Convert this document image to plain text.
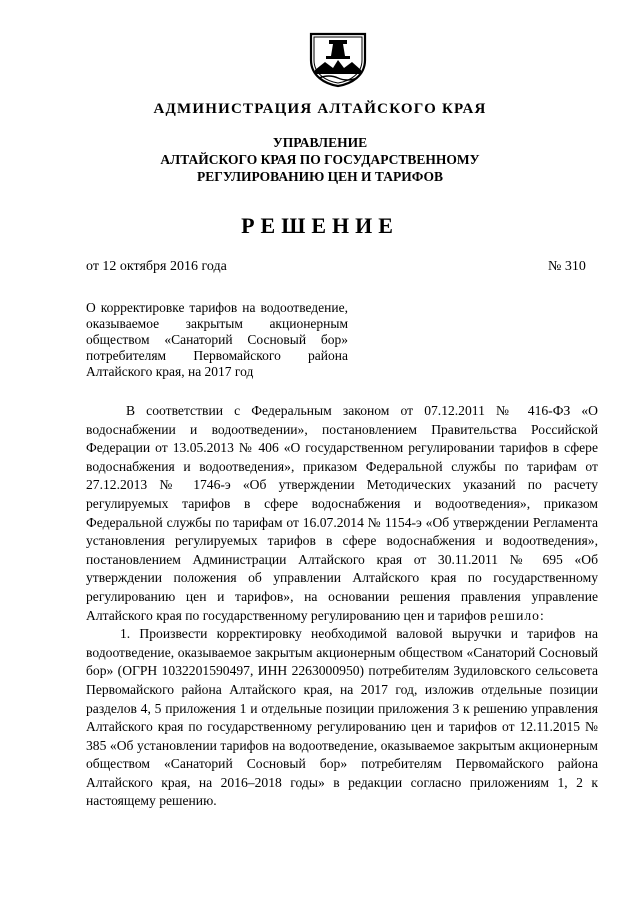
АДМИНИСТРАЦИЯ АЛТАЙСКОГО КРАЯ
УПРАВЛЕНИЕ
АЛТАЙСКОГО КРАЯ ПО ГОСУДАРСТВЕННОМУ
РЕГУЛИРОВАНИЮ ЦЕН И ТАРИФОВ
РЕШЕНИЕ
от 12 октября 2016 года	№ 310
О корректировке тарифов на водоотведение, оказываемое закрытым акционерным обществом «Санаторий Сосновый бор» потребителям Первомайского района Алтайского края, на 2017 год

В соответствии с Федеральным законом от 07.12.2011 № 416-ФЗ «О водоснабжении и водоотведении», постановлением Правительства Российской Федерации от 13.05.2013 № 406 «О государственном регулировании тарифов в сфере водоснабжения и водоотведения», приказом Федеральной службы по тарифам от 27.12.2013 № 1746-э «Об утверждении Методических указаний по расчету регулируемых тарифов в сфере водоснабжения и водоотведения», приказом Федеральной службы по тарифам от 16.07.2014 № 1154-э «Об утверждении Регламента установления регулируемых тарифов в сфере водоснабжения и водоотведения», постановлением Администрации Алтайского края от 30.11.2011 № 695 «Об утверждении положения об управлении Алтайского края по государственному регулированию цен и тарифов», на основании решения правления управление Алтайского края по государственному регулированию цен и тарифов решило:

1. Произвести корректировку необходимой валовой выручки и тарифов на водоотведение, оказываемое закрытым акционерным обществом «Санаторий Сосновый бор» (ОГРН 1032201590497, ИНН 2263000950) потребителям Зудиловского сельсовета Первомайского района Алтайского края, на 2017 год, изложив отдельные позиции разделов 4, 5 приложения 1 и отдельные позиции приложения 3 к решению управления Алтайского края по государственному регулированию цен и тарифов от 12.11.2015 № 385 «Об установлении тарифов на водоотведение, оказываемое закрытым акционерным обществом «Санаторий Сосновый бор» потребителям Первомайского района Алтайского края, на 2016–2018 годы» в редакции согласно приложениям 1, 2 к настоящему решению.
